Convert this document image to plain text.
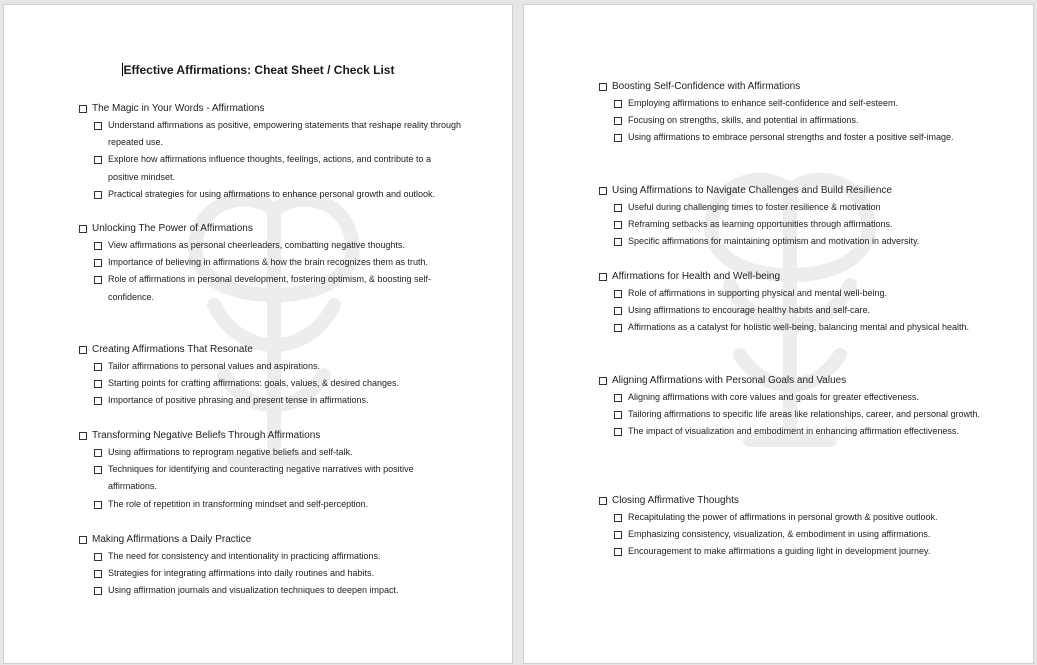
Effective Affirmations: Cheat Sheet / Check List
The Magic in Your Words - Affirmations
Understand affirmations as positive, empowering statements that reshape reality through repeated use.
Explore how affirmations influence thoughts, feelings, actions, and contribute to a positive mindset.
Practical strategies for using affirmations to enhance personal growth and outlook.
Unlocking The Power of Affirmations
View affirmations as personal cheerleaders, combatting negative thoughts.
Importance of believing in affirmations & how the brain recognizes them as truth.
Role of affirmations in personal development, fostering optimism, & boosting self-confidence.
Creating Affirmations That Resonate
Tailor affirmations to personal values and aspirations.
Starting points for crafting affirmations: goals, values, & desired changes.
Importance of positive phrasing and present tense in affirmations.
Transforming Negative Beliefs Through Affirmations
Using affirmations to reprogram negative beliefs and self-talk.
Techniques for identifying and counteracting negative narratives with positive affirmations.
The role of repetition in transforming mindset and self-perception.
Making Affirmations a Daily Practice
The need for consistency and intentionality in practicing affirmations.
Strategies for integrating affirmations into daily routines and habits.
Using affirmation journals and visualization techniques to deepen impact.
Boosting Self-Confidence with Affirmations
Employing affirmations to enhance self-confidence and self-esteem.
Focusing on strengths, skills, and potential in affirmations.
Using affirmations to embrace personal strengths and foster a positive self-image.
Using Affirmations to Navigate Challenges and Build Resilience
Useful during challenging times to foster resilience & motivation
Reframing setbacks as learning opportunities through affirmations.
Specific affirmations for maintaining optimism and motivation in adversity.
Affirmations for Health and Well-being
Role of affirmations in supporting physical and mental well-being.
Using affirmations to encourage healthy habits and self-care.
Affirmations as a catalyst for holistic well-being, balancing mental and physical health.
Aligning Affirmations with Personal Goals and Values
Aligning affirmations with core values and goals for greater effectiveness.
Tailoring affirmations to specific life areas like relationships, career, and personal growth.
The impact of visualization and embodiment in enhancing affirmation effectiveness.
Closing Affirmative Thoughts
Recapitulating the power of affirmations in personal growth & positive outlook.
Emphasizing consistency, visualization, & embodiment in using affirmations.
Encouragement to make affirmations a guiding light in development journey.
